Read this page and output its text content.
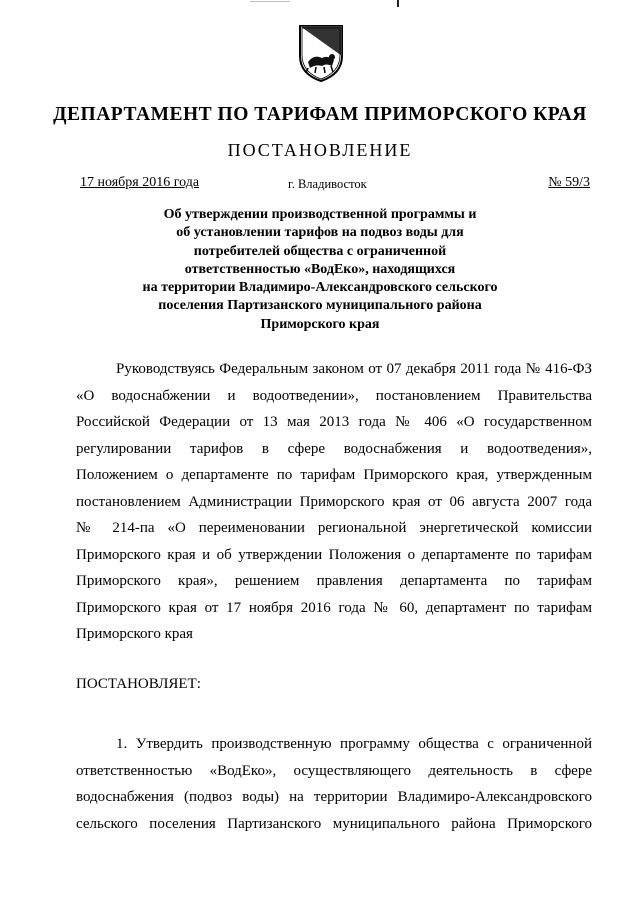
ДЕПАРТАМЕНТ ПО ТАРИФАМ ПРИМОРСКОГО КРАЯ
ПОСТАНОВЛЕНИЕ
17 ноября 2016 года	г. Владивосток	№ 59/3
Об утверждении производственной программы и
об установлении тарифов на подвоз воды для
потребителей общества с ограниченной
ответственностью «ВодЕко», находящихся
на территории Владимиро-Александровского сельского
поселения Партизанского муниципального района
Приморского края
Руководствуясь Федеральным законом от 07 декабря 2011 года № 416-ФЗ
«О водоснабжении и водоотведении», постановлением Правительства
Российской Федерации от 13 мая 2013 года № 406 «О государственном
регулировании тарифов в сфере водоснабжения и водоотведения»,
Положением о департаменте по тарифам Приморского края, утвержденным
постановлением Администрации Приморского края от 06 августа 2007 года
№ 214-па «О переименовании региональной энергетической комиссии
Приморского края и об утверждении Положения о департаменте по тарифам
Приморского края», решением правления департамента по тарифам
Приморского края от 17 ноября 2016 года № 60, департамент по тарифам
Приморского края
ПОСТАНОВЛЯЕТ:
1. Утвердить производственную программу общества с ограниченной
ответственностью «ВодЕко», осуществляющего деятельность в сфере
водоснабжения (подвоз воды) на территории Владимиро-Александровского
сельского поселения Партизанского муниципального района Приморского
